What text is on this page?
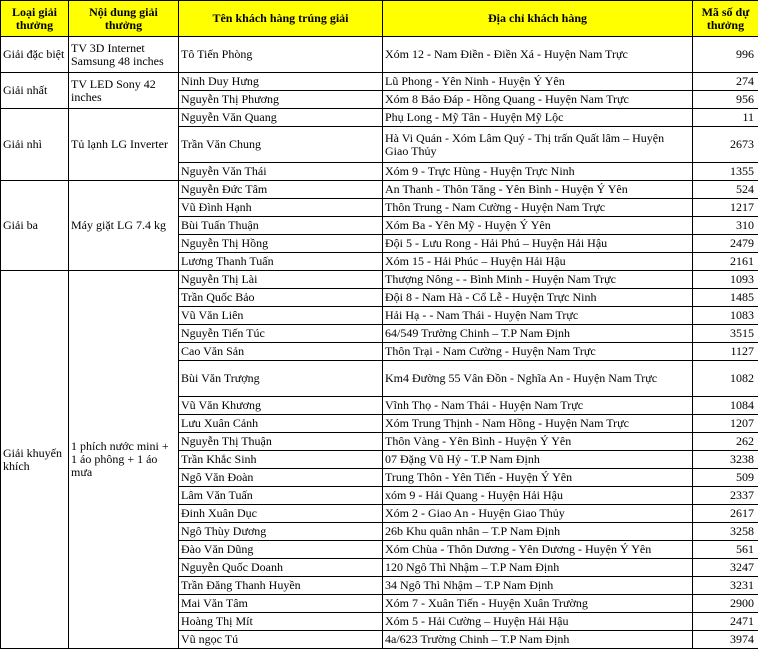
Loại giải thưởng	Nội dung giải thưởng	Tên khách hàng trúng giải	Địa chỉ khách hàng	Mã số dự thưởng
Giải đặc biệt	TV 3D Internet Samsung 48 inches	Tô Tiến Phòng	Xóm 12 - Nam Điền - Điền Xá - Huyện Nam Trực	996
Giải nhất	TV LED Sony 42 inches	Ninh Duy Hưng	Lũ Phong - Yên Ninh - Huyện Ý Yên	274
		Nguyễn Thị Phương	Xóm 8 Bảo Đáp - Hồng Quang - Huyện Nam Trực	956
Giải nhì	Tủ lạnh LG Inverter	Nguyễn Văn Quang	Phụ Long - Mỹ Tân - Huyện Mỹ Lộc	11
		Trần Văn Chung	Hà Vi Quán - Xóm Lâm Quý - Thị trấn Quất lâm – Huyện Giao Thủy	2673
		Nguyễn Văn Thái	Xóm 9 - Trực Hùng - Huyện Trực Ninh	1355
Giải ba	Máy giặt LG 7.4 kg	Nguyễn Đức Tâm	An Thanh - Thôn Tăng - Yên Bình - Huyện Ý Yên	524
		Vũ Đình Hạnh	Thôn Trung - Nam Cường - Huyện Nam Trực	1217
		Bùi Tuấn Thuận	Xóm Ba - Yên Mỹ - Huyện Ý Yên	310
		Nguyễn Thị Hồng	Đội 5 - Lưu Rong - Hải Phú – Huyện Hải Hậu	2479
		Lương Thanh Tuấn	Xóm 15 - Hải Phúc – Huyện Hải Hậu	2161
Giải khuyến khích	1 phích nước mini + 1 áo phông + 1 áo mưa	Nguyễn Thị Lài	Thượng Nông - - Bình Minh - Huyện Nam Trực	1093
		Trần Quốc Bảo	Đội 8 - Nam Hà - Cổ Lễ - Huyện Trực Ninh	1485
		Vũ Văn Liên	Hải Hạ - - Nam Thái - Huyện Nam Trực	1083
		Nguyễn Tiến Túc	64/549 Trường Chinh – T.P Nam Định	3515
		Cao Văn Sản	Thôn Trại - Nam Cường - Huyện Nam Trực	1127
		Bùi Văn Trượng	Km4 Đường 55 Vân Đồn - Nghĩa An - Huyện Nam Trực	1082
		Vũ Văn Khương	Vĩnh Thọ - Nam Thái - Huyện Nam Trực	1084
		Lưu Xuân Cảnh	Xóm Trung Thịnh - Nam Hồng - Huyện Nam Trực	1207
		Nguyễn Thị Thuận	Thôn Vàng - Yên Bình - Huyện Ý Yên	262
		Trần Khắc Sinh	07 Đặng Vũ Hỷ - T.P Nam Định	3238
		Ngô Văn Đoàn	Trung Thôn - Yên Tiến - Huyện Ý Yên	509
		Lâm Văn Tuấn	xóm 9 - Hải Quang - Huyện Hải Hậu	2337
		Đinh Xuân Dục	Xóm 2 - Giao An - Huyện Giao Thủy	2617
		Ngô Thùy Dương	26b Khu quân nhân – T.P Nam Định	3258
		Đào Văn Dũng	Xóm Chùa - Thôn Dương - Yên Dương - Huyện Ý Yên	561
		Nguyễn Quốc Doanh	120 Ngô Thì Nhậm – T.P Nam Định	3247
		Trần Đăng Thanh Huyền	34 Ngô Thì Nhậm – T.P Nam Định	3231
		Mai Văn Tâm	Xóm 7 - Xuân Tiến - Huyện Xuân Trường	2900
		Hoàng Thị Mít	Xóm 5 - Hải Cường – Huyện Hải Hậu	2471
		Vũ ngọc Tú	4a/623 Trường Chinh – T.P Nam Định	3974
